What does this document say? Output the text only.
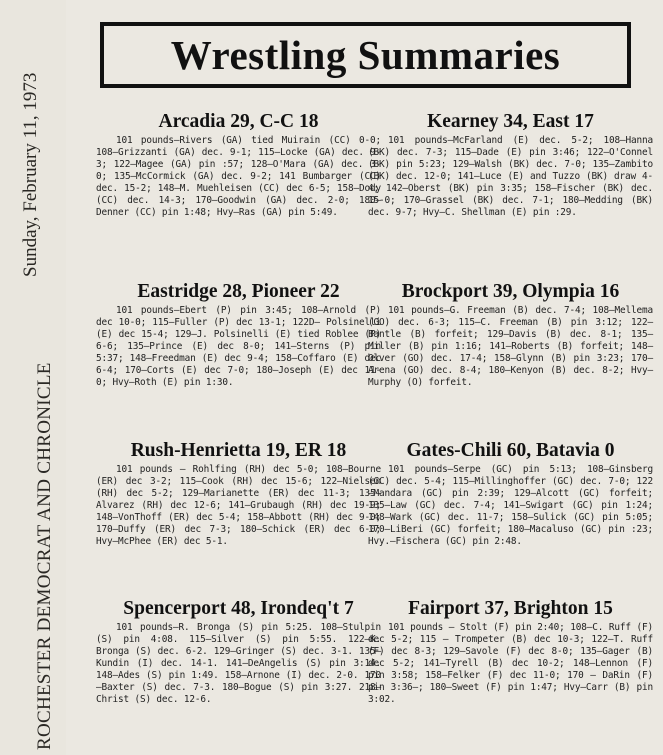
ROCHESTER DEMOCRAT AND CHRONICLE
Sunday, February 11, 1973
Wrestling Summaries
Arcadia 29, C-C 18

101 pounds—Rivers (GA) tied Muirain (CC) 0-0; 108—Grizzanti (GA) dec. 9-1; 115—Locke (GA) dec. 9-3; 122—Magee (GA) pin :57; 128—O'Mara (GA) dec. 3-0; 135—McCormick (GA) dec. 9-2; 141 Bumbarger (CC) dec. 15-2; 148—M. Muehleisen (CC) dec 6-5; 158—Dody (CC) dec. 14-3; 170—Goodwin (GA) dec. 2-0; 180—Denner (CC) pin 1:48; Hvy—Ras (GA) pin 5:49.

Eastridge 28, Pioneer 22

101 pounds—Ebert (P) pin 3:45; 108—Arnold (P) dec 10-0; 115—Fuller (P) dec 13-1; 122D— Polsinelli (E) dec 15-4; 129—J. Polsinelli (E) tied Roblee (P) 6-6; 135—Prince (E) dec 8-0; 141—Sterns (P) pin 5:37; 148—Freedman (E) dec 9-4; 158—Coffaro (E) dec 6-4; 170—Corts (E) dec 7-0; 180—Joseph (E) dec 11-0; Hvy—Roth (E) pin 1:30.

Rush-Henrietta 19, ER 18

101 pounds — Rohlfing (RH) dec 5-0; 108—Bourne (ER) dec 3-2; 115—Cook (RH) dec 15-6; 122—Nielsen (RH) dec 5-2; 129—Marianette (ER) dec 11-3; 135—Alvarez (RH) dec 12-6; 141—Grubaugh (RH) dec 19-9; 148—VonThoff (ER) dec 5-4; 158—Abbott (RH) dec 9-0; 170—Duffy (ER) dec 7-3; 180—Schick (ER) dec 6-0; Hvy—McPhee (ER) dec 5-1.

Spencerport 48, Irondeq't 7

101 pounds—R. Bronga (S) pin 5:25. 108—Stulpin (S) pin 4:08. 115—Silver (S) pin 5:55. 122—K. Bronga (S) dec. 6-2. 129—Gringer (S) dec. 3-1. 135—Kundin (I) dec. 14-1. 141—DeAngelis (S) pin 3:14. 148—Ades (S) pin 1:49. 158—Arnone (I) dec. 2-0. 170—Baxter (S) dec. 7-3. 180—Bogue (S) pin 3:27. 218—Christ (S) dec. 12-6.

Kearney 34, East 17

101 pounds—McFarland (E) dec. 5-2; 108—Hanna (BK) dec. 7-3; 115—Dade (E) pin 3:46; 122—O'Connel (BK) pin 5:23; 129—Walsh (BK) dec. 7-0; 135—Zambito (BK) dec. 12-0; 141—Luce (E) and Tuzzo (BK) draw 4-4; 142—Oberst (BK) pin 3:35; 158—Fischer (BK) dec. 15-0; 170—Grassel (BK) dec. 7-1; 180—Medding (BK) dec. 9-7; Hvy—C. Shellman (E) pin :29.

Brockport 39, Olympia 16

101 pounds—G. Freeman (B) dec. 7-4; 108—Mellema (GO) dec. 6-3; 115—C. Freeman (B) pin 3:12; 122—Bantle (B) forfeit; 129—Davis (B) dec. 8-1; 135—Miller (B) pin 1:16; 141—Roberts (B) forfeit; 148—Olver (GO) dec. 17-4; 158—Glynn (B) pin 3:23; 170—Arena (GO) dec. 8-4; 180—Kenyon (B) dec. 8-2; Hvy—Murphy (O) forfeit.

Gates-Chili 60, Batavia 0

101 pounds—Serpe (GC) pin 5:13; 108—Ginsberg (GC) dec. 5-4; 115—Millinghoffer (GC) dec. 7-0; 122—Mandara (GC) pin 2:39; 129—Alcott (GC) forfeit; 135—Law (GC) dec. 7-4; 141—Swigart (GC) pin 1:24; 148—Wark (GC) dec. 11-7; 158—Sulick (GC) pin 5:05; 170—LiBeri (GC) forfeit; 180—Macaluso (GC) pin :23; Hvy.—Fischera (GC) pin 2:48.

Fairport 37, Brighton 15

101 pounds — Stolt (F) pin 2:40; 108—C. Ruff (F) dec 5-2; 115 — Trompeter (B) dec 10-3; 122—T. Ruff (F) dec 8-3; 129—Savole (F) dec 8-0; 135—Gager (B) dec 5-2; 141—Tyrell (B) dec 10-2; 148—Lennon (F) pin 3:58; 158—Felker (F) dec 11-0; 170 — DaRin (F) pin 3:36—; 180—Sweet (F) pin 1:47; Hvy—Carr (B) pin 3:02.
